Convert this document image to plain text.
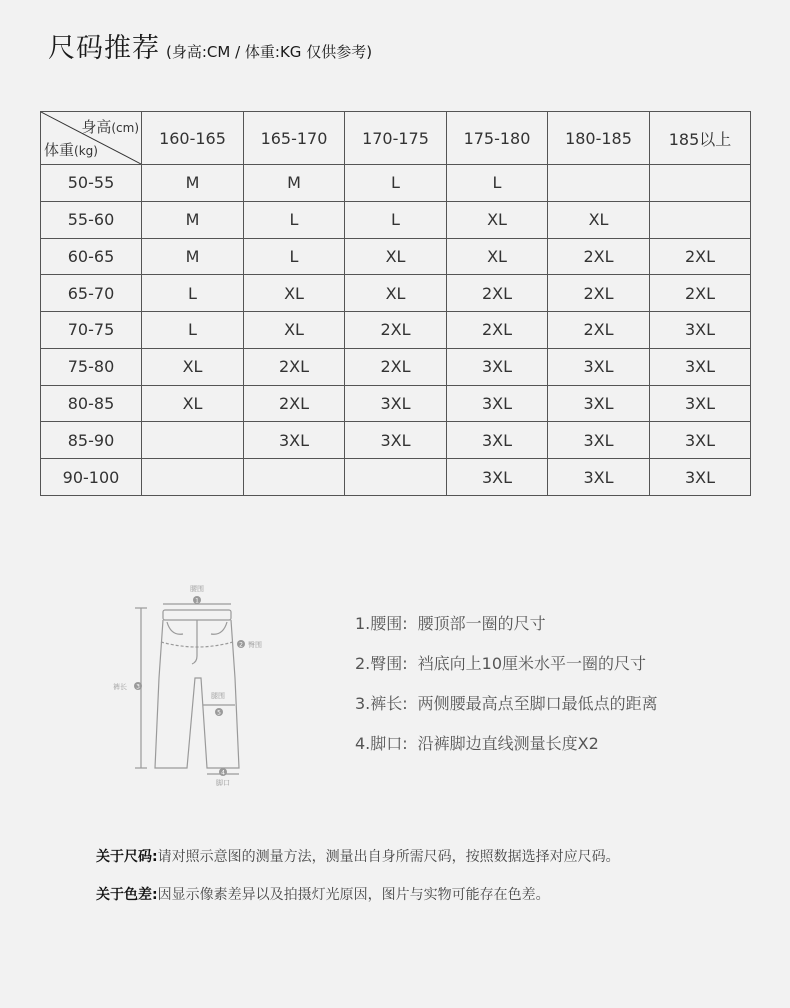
尺码推荐 (身高:CM / 体重:KG 仅供参考)
身高(cm)
体重(kg)	160-165	165-170	170-175	175-180	180-185	185以上
50-55	M	M	L	L		
55-60	M	L	L	XL	XL	
60-65	M	L	XL	XL	2XL	2XL
65-70	L	XL	XL	2XL	2XL	2XL
70-75	L	XL	2XL	2XL	2XL	3XL
75-80	XL	2XL	2XL	3XL	3XL	3XL
80-85	XL	2XL	3XL	3XL	3XL	3XL
85-90		3XL	3XL	3XL	3XL	3XL
90-100				3XL	3XL	3XL
腰围
1
2 臀围
裤长 3
腿围
5
4
脚口
1.腰围: 腰顶部一圈的尺寸
2.臀围: 裆底向上10厘米水平一圈的尺寸
3.裤长: 两侧腰最高点至脚口最低点的距离
4.脚口: 沿裤脚边直线测量长度X2
关于尺码:请对照示意图的测量方法，测量出自身所需尺码，按照数据选择对应尺码。
关于色差:因显示像素差异以及拍摄灯光原因，图片与实物可能存在色差。
